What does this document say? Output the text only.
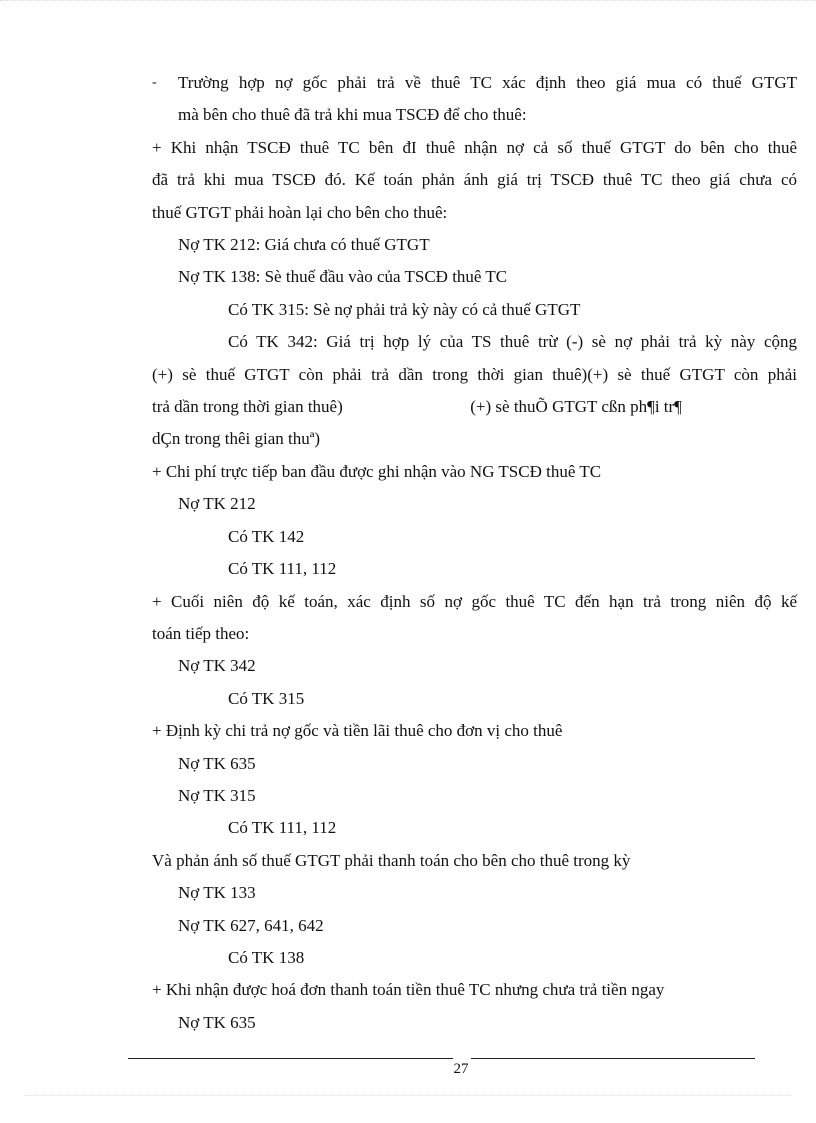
- Trường hợp nợ gốc phải trả về thuê TC xác định theo giá mua có thuế GTGT

mà bên cho thuê đã trả khi mua TSCĐ để cho thuê:

+ Khi nhận TSCĐ thuê TC bên đI thuê nhận nợ cả số thuế GTGT do bên cho thuê

đã trả khi mua TSCĐ đó. Kế toán phản ánh giá trị TSCĐ thuê TC theo giá chưa có

thuế GTGT phải hoàn lại cho bên cho thuê:

Nợ TK 212: Giá chưa có thuế GTGT

Nợ TK 138: Sè thuế đầu vào của TSCĐ thuê TC

Có TK 315: Sè nợ phải trả kỳ này có cả thuế GTGT

Có TK 342: Giá trị hợp lý của TS thuê trừ (-) sè nợ phải trả kỳ này cộng

(+) sè thuế GTGT còn phải trả dần trong thời gian thuê)(+) sè thuế GTGT còn phải

trả dần trong thời gian thuê)                              (+) sè thuÕ GTGT cßn ph¶i tr¶

dÇn trong thêi gian thuª)

+ Chi phí trực tiếp ban đầu được ghi nhận vào NG TSCĐ thuê TC

Nợ TK 212

Có TK 142

Có TK 111, 112

+ Cuối niên độ kế toán, xác định số nợ gốc thuê TC đến hạn trả trong niên độ kế

toán tiếp theo:

Nợ TK 342

Có TK 315

+ Định kỳ chi trả nợ gốc và tiền lãi thuê cho đơn vị cho thuê

Nợ TK 635

Nợ TK 315

Có TK 111, 112

Và phản ánh số thuế GTGT phải thanh toán cho bên cho thuê trong kỳ

Nợ TK 133

Nợ TK 627, 641, 642

Có TK 138

+ Khi nhận được hoá đơn thanh toán tiền thuê TC nhưng chưa trả tiền ngay

Nợ TK 635

27
